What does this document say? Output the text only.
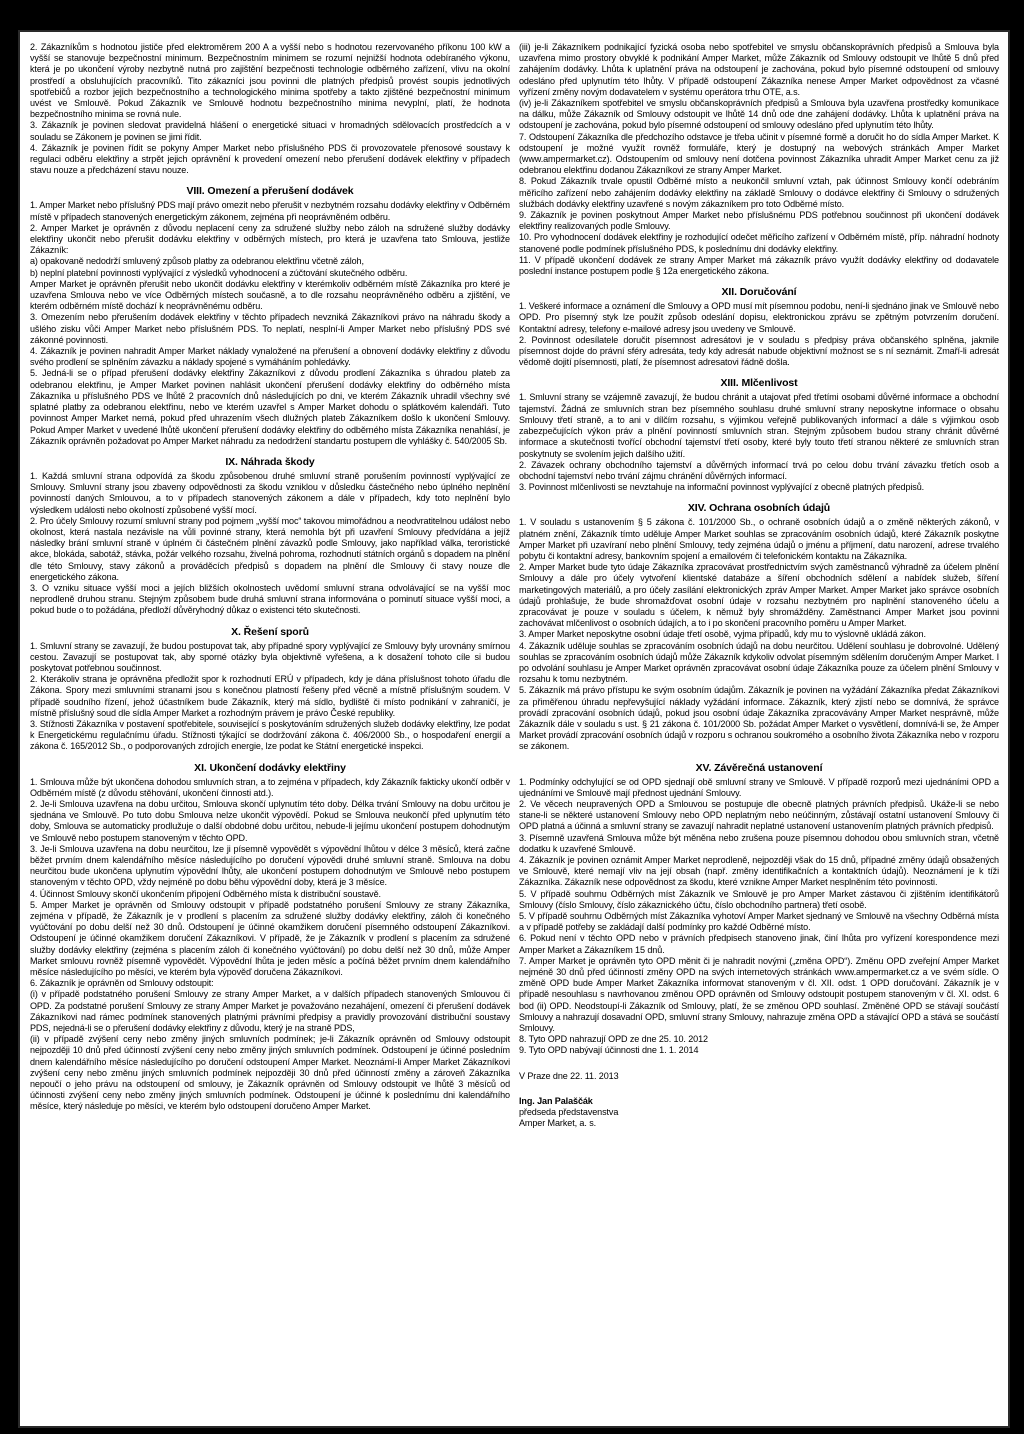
2. Zákazníkům s hodnotou jističe před elektroměrem 200 A a vyšší nebo s hodnotou rezervovaného příkonu 100 kW a vyšší se stanovuje bezpečnostní minimum. Bezpečnostním minimem se rozumí nejnižší hodnota odebíraného výkonu, která je po ukončení výroby nezbytně nutná pro zajištění bezpečnosti technologie odběrného zařízení, vlivu na okolní prostředí a obsluhujících pracovníků. Tito zákazníci jsou povinni dle platných předpisů provést soupis jednotlivých spotřebičů a rozbor jejich bezpečnostního a technologického minima spotřeby a takto zjištěné bezpečnostní minimum uvést ve Smlouvě. Pokud Zákazník ve Smlouvě hodnotu bezpečnostního minima nevyplní, platí, že hodnota bezpečnostního minima se rovná nule.

3. Zákazník je povinen sledovat pravidelná hlášení o energetické situaci v hromadných sdělovacích prostředcích a v souladu se Zákonem je povinen se jimi řídit.

4. Zákazník je povinen řídit se pokyny Amper Market nebo příslušného PDS či provozovatele přenosové soustavy k regulaci odběru elektřiny a strpět jejich oprávnění k provedení omezení nebo přerušení dodávek elektřiny v případech stavu nouze a předcházení stavu nouze.

VIII. Omezení a přerušení dodávek

1. Amper Market nebo příslušný PDS mají právo omezit nebo přerušit v nezbytném rozsahu dodávky elektřiny v Odběrném místě v případech stanovených energetickým zákonem, zejména při neoprávněném odběru.

2. Amper Market je oprávněn z důvodu neplacení ceny za sdružené služby nebo záloh na sdružené služby dodávky elektřiny ukončit nebo přerušit dodávku elektřiny v odběrných místech, pro která je uzavřena tato Smlouva, jestliže Zákazník:

a) opakovaně nedodrží smluvený způsob platby za odebranou elektřinu včetně záloh,

b) neplní platební povinnosti vyplývající z výsledků vyhodnocení a zúčtování skutečného odběru.

Amper Market je oprávněn přerušit nebo ukončit dodávku elektřiny v kterémkoliv odběrném místě Zákazníka pro které je uzavřena Smlouva nebo ve více Odběrných místech současně, a to dle rozsahu neoprávněného odběru a zjištění, ve kterém odběrném místě dochází k neoprávněnému odběru.

3. Omezením nebo přerušením dodávek elektřiny v těchto případech nevzniká Zákazníkovi právo na náhradu škody a ušlého zisku vůči Amper Market nebo příslušném PDS. To neplatí, nesplní-li Amper Market nebo příslušný PDS své zákonné povinnosti.

4. Zákazník je povinen nahradit Amper Market náklady vynaložené na přerušení a obnovení dodávky elektřiny z důvodu svého prodlení se splněním závazku a náklady spojené s vymáháním pohledávky.

5. Jedná-li se o případ přerušení dodávky elektřiny Zákazníkovi z důvodu prodlení Zákazníka s úhradou plateb za odebranou elektřinu, je Amper Market povinen nahlásit ukončení přerušení dodávky elektřiny do odběrného místa Zákazníka u příslušného PDS ve lhůtě 2 pracovních dnů následujících po dni, ve kterém Zákazník uhradil všechny své splatné platby za odebranou elektřinu, nebo ve kterém uzavřel s Amper Market dohodu o splátkovém kalendáři. Tuto povinnost Amper Market nemá, pokud před uhrazením všech dlužných plateb Zákazníkem došlo k ukončení Smlouvy. Pokud Amper Market v uvedené lhůtě ukončení přerušení dodávky elektřiny do odběrného místa Zákazníka nenahlásí, je Zákazník oprávněn požadovat po Amper Market náhradu za nedodržení standartu postupem dle vyhlášky č. 540/2005 Sb.

IX. Náhrada škody

1. Každá smluvní strana odpovídá za škodu způsobenou druhé smluvní straně porušením povinností vyplývající ze Smlouvy. Smluvní strany jsou zbaveny odpovědnosti za škodu vzniklou v důsledku částečného nebo úplného neplnění povinností daných Smlouvou, a to v případech stanovených zákonem a dále v případech, kdy toto neplnění bylo výsledkem události nebo okolností způsobené vyšší mocí.

2. Pro účely Smlouvy rozumí smluvní strany pod pojmem „vyšší moc“ takovou mimořádnou a neodvratitelnou událost nebo okolnost, která nastala nezávisle na vůli povinné strany, která nemohla být při uzavření Smlouvy předvídána a jejíž následky brání smluvní straně v úplném či částečném plnění závazků podle Smlouvy, jako například válka, teroristické akce, blokáda, sabotáž, stávka, požár velkého rozsahu, živelná pohroma, rozhodnutí státních orgánů s dopadem na plnění dle této Smlouvy, stavy zákonů a prováděcích předpisů s dopadem na plnění dle Smlouvy či stavy nouze dle energetického zákona.

3. O vzniku situace vyšší moci a jejích bližších okolnostech uvědomí smluvní strana odvolávající se na vyšší moc neprodleně druhou stranu. Stejným způsobem bude druhá smluvní strana informována o pominutí situace vyšší moci, a pokud bude o to požádána, předloží důvěryhodný důkaz o existenci této skutečnosti.

X. Řešení sporů

1. Smluvní strany se zavazují, že budou postupovat tak, aby případné spory vyplývající ze Smlouvy byly urovnány smírnou cestou. Zavazují se postupovat tak, aby sporné otázky byla objektivně vyřešena, a k dosažení tohoto cíle si budou poskytovat potřebnou součinnost.

2. Kterákoliv strana je oprávněna předložit spor k rozhodnutí ERÚ v případech, kdy je dána příslušnost tohoto úřadu dle Zákona. Spory mezi smluvními stranami jsou s konečnou platností řešeny před věcně a místně příslušným soudem. V případě soudního řízení, jehož účastníkem bude Zákazník, který má sídlo, bydliště či místo podnikání v zahraničí, je místně příslušný soud dle sídla Amper Market a rozhodným právem je právo České republiky.

3. Stížnosti Zákazníka v postavení spotřebitele, související s poskytováním sdružených služeb dodávky elektřiny, lze podat k Energetickému regulačnímu úřadu. Stížnosti týkající se dodržování zákona č. 406/2000 Sb., o hospodaření energií a zákona č. 165/2012 Sb., o podporovaných zdrojích energie, lze podat ke Státní energetické inspekci.

XI. Ukončení dodávky elektřiny

1. Smlouva může být ukončena dohodou smluvních stran, a to zejména v případech, kdy Zákazník fakticky ukončí odběr v Odběrném místě (z důvodu stěhování, ukončení činnosti atd.).

2. Je-li Smlouva uzavřena na dobu určitou, Smlouva skončí uplynutím této doby. Délka trvání Smlouvy na dobu určitou je sjednána ve Smlouvě. Po tuto dobu Smlouva nelze ukončit výpovědí. Pokud se Smlouva neukončí před uplynutím této doby, Smlouva se automaticky prodlužuje o další obdobné dobu určitou, nebude-li jejímu ukončení postupem dohodnutým ve Smlouvě nebo postupem stanoveným v těchto OPD.

3. Je-li Smlouva uzavřena na dobu neurčitou, lze ji písemně vypovědět s výpovědní lhůtou v délce 3 měsíců, která začne běžet prvním dnem kalendářního měsíce následujícího po doručení výpovědi druhé smluvní straně. Smlouva na dobu neurčitou bude ukončena uplynutím výpovědní lhůty, ale ukončení postupem dohodnutým ve Smlouvě nebo postupem stanoveným v těchto OPD, vždy nejméně po dobu běhu výpovědní doby, která je 3 měsíce.

4. Účinnost Smlouvy skončí ukončením připojení Odběrného místa k distribuční soustavě.

5. Amper Market je oprávněn od Smlouvy odstoupit v případě podstatného porušení Smlouvy ze strany Zákazníka, zejména v případě, že Zákazník je v prodlení s placením za sdružené služby dodávky elektřiny, záloh či konečného vyúčtování po dobu delší než 30 dnů. Odstoupení je účinné okamžikem doručení písemného odstoupení Zákazníkovi. Odstoupení je účinné okamžikem doručení Zákazníkovi. V případě, že je Zákazník v prodlení s placením za sdružené služby dodávky elektřiny (zejména s placením záloh či konečného vyúčtování) po dobu delší než 30 dnů, může Amper Market smlouvu rovněž písemně vypovědět. Výpovědní lhůta je jeden měsíc a počíná běžet prvním dnem kalendářního měsíce následujícího po měsíci, ve kterém byla výpověď doručena Zákazníkovi.

6. Zákazník je oprávněn od Smlouvy odstoupit:

(i) v případě podstatného porušení Smlouvy ze strany Amper Market, a v dalších případech stanovených Smlouvou či OPD. Za podstatné porušení Smlouvy ze strany Amper Market je považováno nezahájení, omezení či přerušení dodávek Zákazníkovi nad rámec podmínek stanovených platnými právními předpisy a pravidly provozování distribuční soustavy PDS, nejedná-li se o přerušení dodávky elektřiny z důvodu, který je na straně PDS,

(ii) v případě zvýšení ceny nebo změny jiných smluvních podmínek; je-li Zákazník oprávněn od Smlouvy odstoupit nejpozději 10 dnů před účinností zvýšení ceny nebo změny jiných smluvních podmínek. Odstoupení je účinné posledním dnem kalendářního měsíce následujícího po doručení odstoupení Amper Market. Neoznámí-li Amper Market Zákazníkovi zvýšení ceny nebo změnu jiných smluvních podmínek nejpozději 30 dnů před účinností změny a zároveň Zákazníka nepoučí o jeho právu na odstoupení od smlouvy, je Zákazník oprávněn od Smlouvy odstoupit ve lhůtě 3 měsíců od účinnosti zvýšení ceny nebo změny jiných smluvních podmínek. Odstoupení je účinné k poslednímu dni kalendářního měsíce, který následuje po měsíci, ve kterém bylo odstoupení doručeno Amper Market.

(iii) je-li Zákazníkem podnikající fyzická osoba nebo spotřebitel ve smyslu občanskoprávních předpisů a Smlouva byla uzavřena mimo prostory obvyklé k podnikání Amper Market, může Zákazník od Smlouvy odstoupit ve lhůtě 5 dnů před zahájením dodávky. Lhůta k uplatnění práva na odstoupení je zachována, pokud bylo písemné odstoupení od smlouvy odesláno před uplynutím této lhůty. V případě odstoupení Zákazníka nenese Amper Market odpovědnost za včasné vyřízení změny novým dodavatelem v systému operátora trhu OTE, a.s.

(iv) je-li Zákazníkem spotřebitel ve smyslu občanskoprávních předpisů a Smlouva byla uzavřena prostředky komunikace na dálku, může Zákazník od Smlouvy odstoupit ve lhůtě 14 dnů ode dne zahájení dodávky. Lhůta k uplatnění práva na odstoupení je zachována, pokud bylo písemné odstoupení od smlouvy odesláno před uplynutím této lhůty.

7. Odstoupení Zákazníka dle předchozího odstavce je třeba učinit v písemné formě a doručit ho do sídla Amper Market. K odstoupení je možné využít rovněž formuláře, který je dostupný na webových stránkách Amper Market (www.ampermarket.cz). Odstoupením od smlouvy není dotčena povinnost Zákazníka uhradit Amper Market cenu za již odebranou elektřinu dodanou Zákazníkovi ze strany Amper Market.

8. Pokud Zákazník trvale opustil Odběrné místo a neukončil smluvní vztah, pak účinnost Smlouvy končí odebráním měřicího zařízení nebo zahájením dodávky elektřiny na základě Smlouvy o dodávce elektřiny či Smlouvy o sdružených službách dodávky elektřiny uzavřené s novým zákazníkem pro toto Odběrné místo.

9. Zákazník je povinen poskytnout Amper Market nebo příslušnému PDS potřebnou součinnost při ukončení dodávek elektřiny realizovaných podle Smlouvy.

10. Pro vyhodnocení dodávek elektřiny je rozhodující odečet měřicího zařízení v Odběrném místě, příp. náhradní hodnoty stanovené podle podmínek příslušného PDS, k poslednímu dni dodávky elektřiny.

11. V případě ukončení dodávek ze strany Amper Market má zákazník právo využít dodávky elektřiny od dodavatele poslední instance postupem podle § 12a energetického zákona.

XII. Doručování

1. Veškeré informace a oznámení dle Smlouvy a OPD musí mít písemnou podobu, není-li sjednáno jinak ve Smlouvě nebo OPD. Pro písemný styk lze použít způsob odeslání dopisu, elektronickou zprávu se zpětným potvrzením doručení. Kontaktní adresy, telefony e-mailové adresy jsou uvedeny ve Smlouvě.

2. Povinnost odesílatele doručit písemnost adresátovi je v souladu s předpisy práva občanského splněna, jakmile písemnost dojde do právní sféry adresáta, tedy kdy adresát nabude objektivní možnost se s ní seznámit. Zmaří-li adresát vědomě dojití písemnosti, platí, že písemnost adresatovi řádně došla.

XIII. Mlčenlivost

1. Smluvní strany se vzájemně zavazují, že budou chránit a utajovat před třetími osobami důvěrné informace a obchodní tajemství. Žádná ze smluvních stran bez písemného souhlasu druhé smluvní strany neposkytne informace o obsahu Smlouvy třetí straně, a to ani v dílčím rozsahu, s výjimkou veřejně publikovaných informací a dále s výjimkou osob zabezpečujících výkon práv a plnění povinností smluvních stran. Stejným způsobem budou strany chránit důvěrné informace a skutečnosti tvořící obchodní tajemství třetí osoby, které byly touto třetí stranou některé ze smluvních stran poskytnuty se svolením jejich dalšího užití.

2. Závazek ochrany obchodního tajemství a důvěrných informací trvá po celou dobu trvání závazku třetích osob a obchodní tajemství nebo trvání zájmu chránění důvěrných informací.

3. Povinnost mlčenlivosti se nevztahuje na informační povinnost vyplývající z obecně platných předpisů.

XIV. Ochrana osobních údajů

1. V souladu s ustanovením § 5 zákona č. 101/2000 Sb., o ochraně osobních údajů a o změně některých zákonů, v platném znění, Zákazník tímto uděluje Amper Market souhlas se zpracováním osobních údajů, které Zákazník poskytne Amper Market při uzavíraní nebo plnění Smlouvy, tedy zejména údajů o jménu a příjmení, datu narození, adrese trvalého pobytu či kontaktní adresy, bankovním spojení a emailovém či telefonickém kontaktu na Zákazníka.

2. Amper Market bude tyto údaje Zákazníka zpracovávat prostřednictvím svých zaměstnanců výhradně za účelem plnění Smlouvy a dále pro účely vytvoření klientské databáze a šíření obchodních sdělení a nabídek služeb, šíření marketingových materiálů, a pro účely zasílání elektronických zpráv Amper Market. Amper Market jako správce osobních údajů prohlašuje, že bude shromažďovat osobní údaje v rozsahu nezbytném pro naplnění stanoveného účelu a zpracovávat je pouze v souladu s účelem, k němuž byly shromážděny. Zaměstnanci Amper Market jsou povinni zachovávat mlčenlivost o osobních údajích, a to i po skončení pracovního poměru u Amper Market.

3. Amper Market neposkytne osobní údaje třetí osobě, vyjma případů, kdy mu to výslovně ukládá zákon.

4. Zákazník uděluje souhlas se zpracováním osobních údajů na dobu neurčitou. Udělení souhlasu je dobrovolné. Udělený souhlas se zpracováním osobních údajů může Zákazník kdykoliv odvolat písemným sdělením doručeným Amper Market. I po odvolání souhlasu je Amper Market oprávněn zpracovávat osobní údaje Zákazníka pouze za účelem plnění Smlouvy v rozsahu k tomu nezbytném.

5. Zákazník má právo přístupu ke svým osobním údajům. Zákazník je povinen na vyžádání Zákazníka předat Zákazníkovi za přiměřenou úhradu nepřevyšující náklady vyžádání informace. Zákazník, který zjistí nebo se domnívá, že správce provádí zpracování osobních údajů, pokud jsou osobní údaje Zákazníka zpracovávány Amper Market nesprávně, může Zákazník dále v souladu s ust. § 21 zákona č. 101/2000 Sb. požádat Amper Market o vysvětlení, domnívá-li se, že Amper Market provádí zpracování osobních údajů v rozporu s ochranou soukromého a osobního života Zákazníka nebo v rozporu se zákonem.

XV. Závěrečná ustanovení

1. Podmínky odchylující se od OPD sjednají obě smluvní strany ve Smlouvě. V případě rozporů mezi ujednáními OPD a ujednáními ve Smlouvě mají přednost ujednání Smlouvy.

2. Ve věcech neupravených OPD a Smlouvou se postupuje dle obecně platných právních předpisů. Ukáže-li se nebo stane-li se některé ustanovení Smlouvy nebo OPD neplatným nebo neúčinným, zůstávají ostatní ustanovení Smlouvy či OPD platná a účinná a smluvní strany se zavazují nahradit neplatné ustanovení ustanovením platných právních předpisů.

3. Písemně uzavřená Smlouva může být měněna nebo zrušena pouze písemnou dohodou obou smluvních stran, včetně dodatku k uzavřené Smlouvě.

4. Zákazník je povinen oznámit Amper Market neprodleně, nejpozději však do 15 dnů, případné změny údajů obsažených ve Smlouvě, které nemají vliv na její obsah (např. změny identifikačních a kontaktních údajů). Neoznámení je k tíži Zákazníka. Zákazník nese odpovědnost za škodu, které vznikne Amper Market nesplněním této povinnosti.

5. V případě souhrnu Odběrných míst Zákazník ve Smlouvě je pro Amper Market zástavou či zjištěním identifikátorů Smlouvy (číslo Smlouvy, číslo zákaznického účtu, číslo obchodního partnera) třetí osobě.

5. V případě souhrnu Odběrných míst Zákazníka vyhotoví Amper Market sjednaný ve Smlouvě na všechny Odběrná místa a v případě potřeby se zakládají další podmínky pro každé Odběrné místo.

6. Pokud není v těchto OPD nebo v právních předpisech stanoveno jinak, činí lhůta pro vyřízení korespondence mezi Amper Market a Zákazníkem 15 dnů.

7. Amper Market je oprávněn tyto OPD měnit či je nahradit novými („změna OPD“). Změnu OPD zveřejní Amper Market nejméně 30 dnů před účinností změny OPD na svých internetových stránkách www.ampermarket.cz a ve svém sídle. O změně OPD bude Amper Market Zákazníka informovat stanoveným v čl. XII. odst. 1 OPD doručování. Zákazník je v případě nesouhlasu s navrhovanou změnou OPD oprávněn od Smlouvy odstoupit postupem stanoveným v čl. XI. odst. 6 bod (ii) OPD. Neodstoupí-li Zákazník od Smlouvy, platí, že se změnou OPD souhlasí. Změněné OPD se stávají součástí Smlouvy a nahrazují dosavadní OPD, smluvní strany Smlouvy, nahrazuje změna OPD a stávající OPD a stává se součástí Smlouvy.

8. Tyto OPD nahrazují OPD ze dne 25. 10. 2012

9. Tyto OPD nabývají účinnosti dne 1. 1. 2014

V Praze dne 22. 11. 2013

Ing. Jan Palaščák

předseda představenstva

Amper Market, a. s.
